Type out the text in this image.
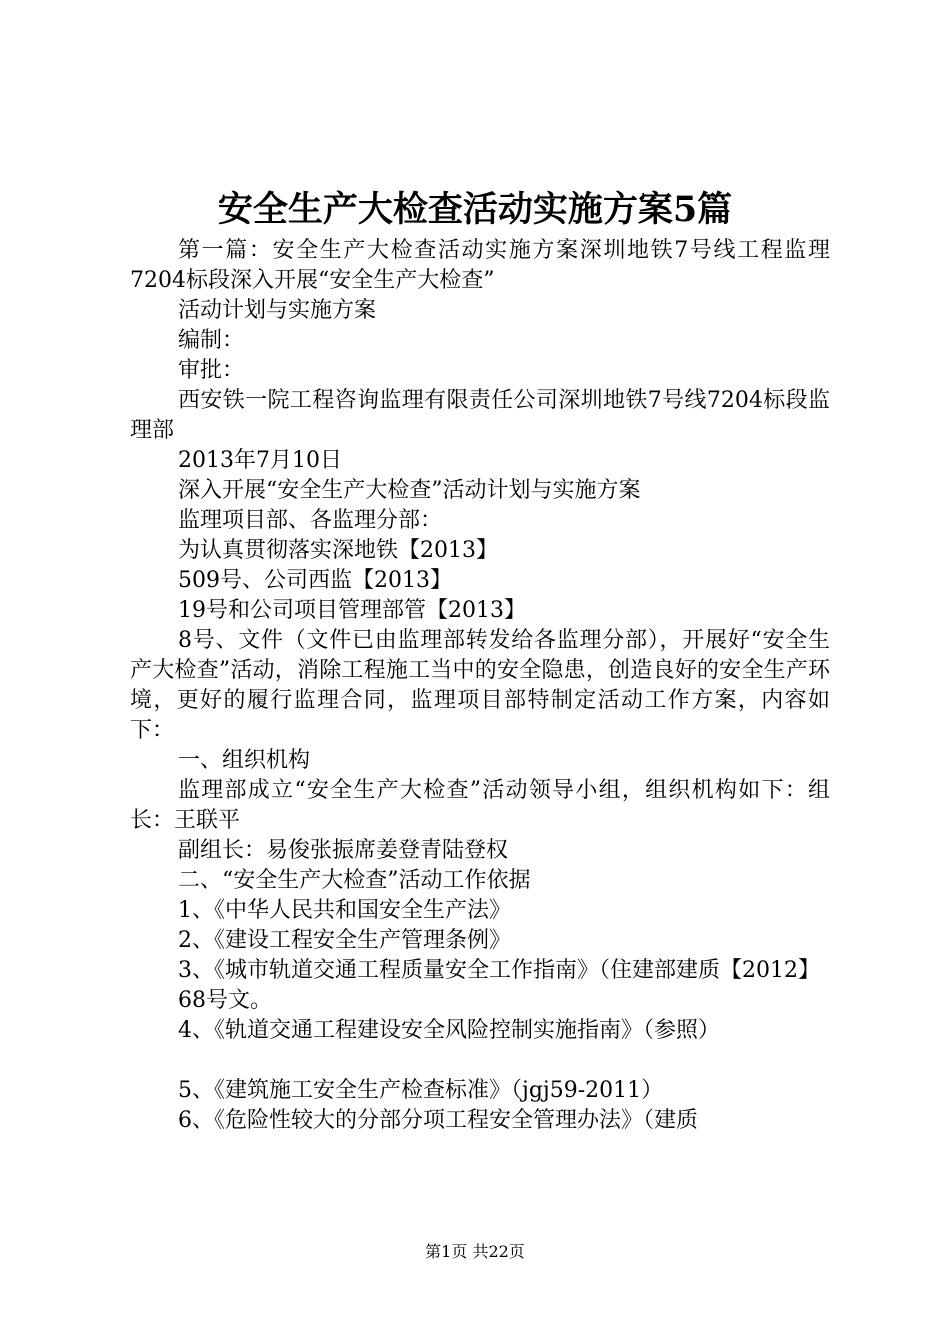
安全生产大检查活动实施方案5篇

第一篇：安全生产大检查活动实施方案深圳地铁7号线工程监理7204标段深入开展“安全生产大检查”

活动计划与实施方案

编制：

审批：

西安铁一院工程咨询监理有限责任公司深圳地铁7号线7204标段监理部

2013年7月10日

深入开展“安全生产大检查”活动计划与实施方案

监理项目部、各监理分部：

为认真贯彻落实深地铁【2013】

509号、公司西监【2013】

19号和公司项目管理部管【2013】

8号、文件（文件已由监理部转发给各监理分部），开展好“安全生产大检查”活动，消除工程施工当中的安全隐患，创造良好的安全生产环境，更好的履行监理合同，监理项目部特制定活动工作方案，内容如下：

一、组织机构

监理部成立“安全生产大检查”活动领导小组，组织机构如下：组长：王联平

副组长：易俊张振席姜登青陆登权

二、“安全生产大检查”活动工作依据

1、《中华人民共和国安全生产法》

2、《建设工程安全生产管理条例》

3、《城市轨道交通工程质量安全工作指南》（住建部建质【2012】

68号文。

4、《轨道交通工程建设安全风险控制实施指南》（参照）

5、《建筑施工安全生产检查标准》（jgj59-2011）

6、《危险性较大的分部分项工程安全管理办法》（建质

第1页 共22页
